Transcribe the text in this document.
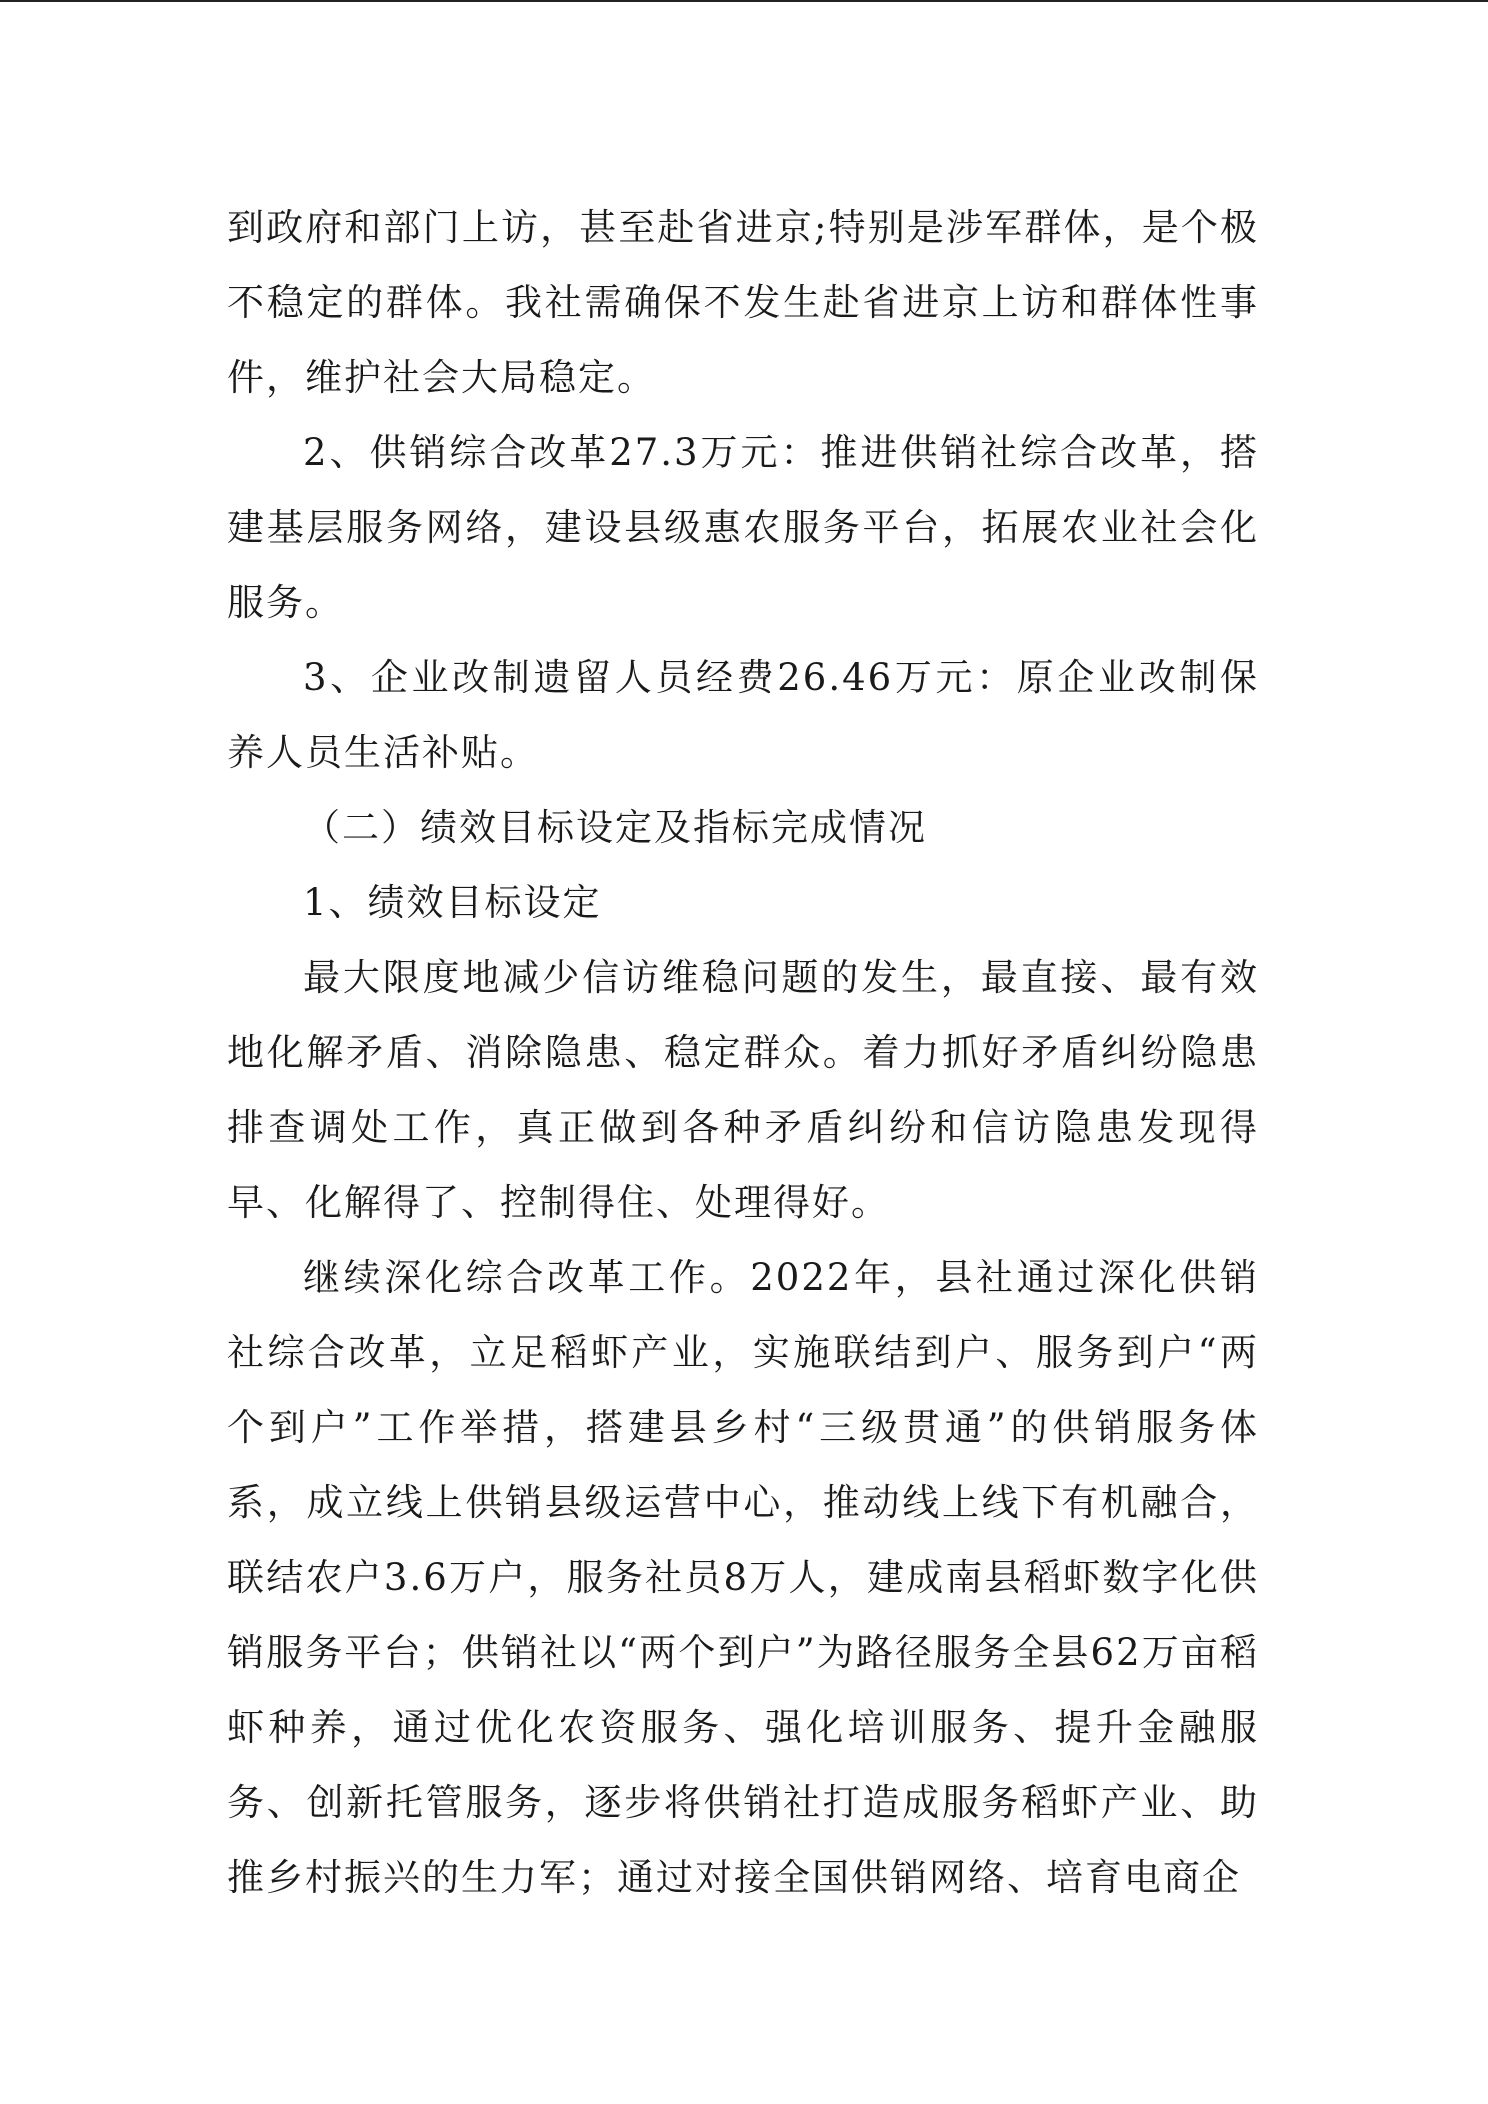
到政府和部门上访，甚至赴省进京;特别是涉军群体，是个极不稳定的群体。我社需确保不发生赴省进京上访和群体性事件，维护社会大局稳定。

2、供销综合改革27.3万元：推进供销社综合改革，搭建基层服务网络，建设县级惠农服务平台，拓展农业社会化服务。

3、企业改制遗留人员经费26.46万元：原企业改制保养人员生活补贴。

（二）绩效目标设定及指标完成情况

1、绩效目标设定

最大限度地减少信访维稳问题的发生，最直接、最有效地化解矛盾、消除隐患、稳定群众。着力抓好矛盾纠纷隐患排查调处工作，真正做到各种矛盾纠纷和信访隐患发现得早、化解得了、控制得住、处理得好。

继续深化综合改革工作。2022年，县社通过深化供销社综合改革，立足稻虾产业，实施联结到户、服务到户“两个到户”工作举措，搭建县乡村“三级贯通”的供销服务体系，成立线上供销县级运营中心，推动线上线下有机融合，联结农户3.6万户，服务社员8万人，建成南县稻虾数字化供销服务平台；供销社以“两个到户”为路径服务全县62万亩稻虾种养，通过优化农资服务、强化培训服务、提升金融服务、创新托管服务，逐步将供销社打造成服务稻虾产业、助推乡村振兴的生力军；通过对接全国供销网络、培育电商企
